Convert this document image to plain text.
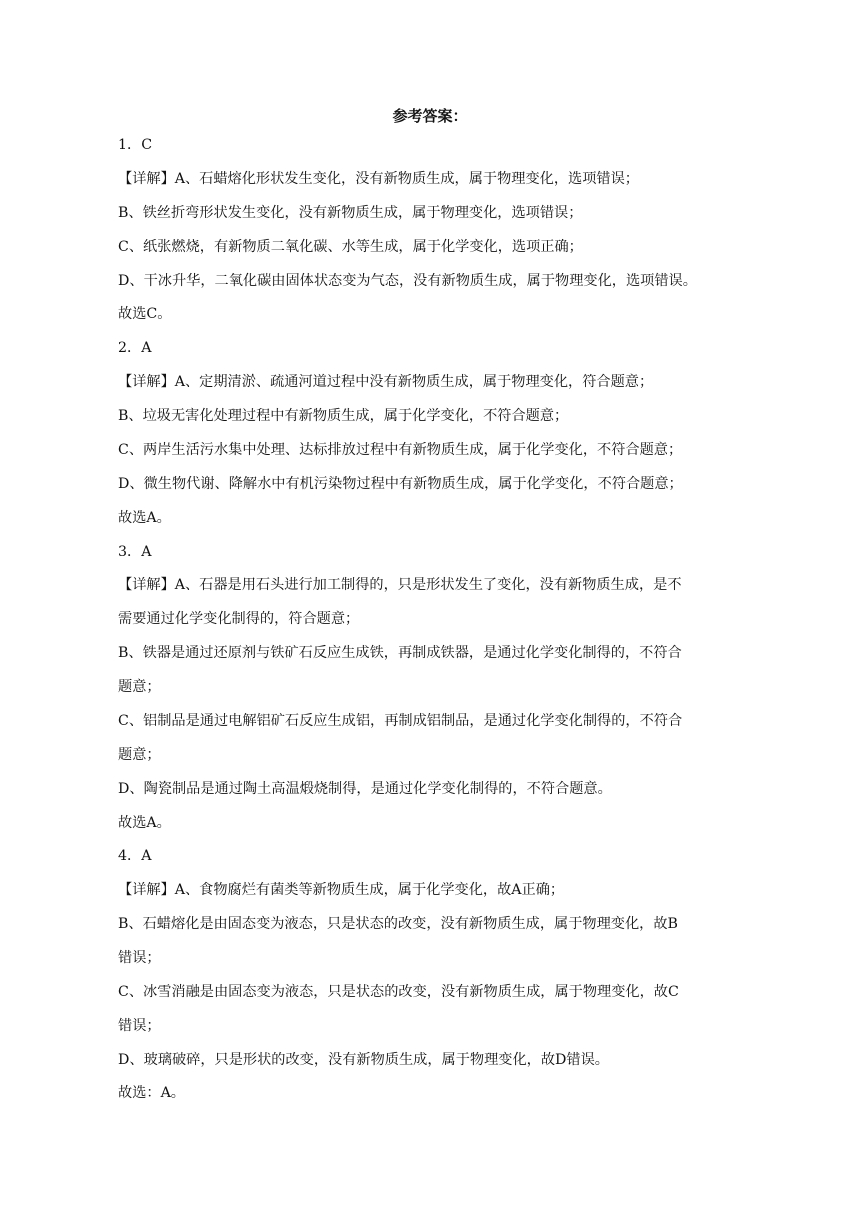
参考答案：
1．C
【详解】A、石蜡熔化形状发生变化，没有新物质生成，属于物理变化，选项错误；
B、铁丝折弯形状发生变化，没有新物质生成，属于物理变化，选项错误；
C、纸张燃烧，有新物质二氧化碳、水等生成，属于化学变化，选项正确；
D、干冰升华，二氧化碳由固体状态变为气态，没有新物质生成，属于物理变化，选项错误。
故选C。
2．A
【详解】A、定期清淤、疏通河道过程中没有新物质生成，属于物理变化，符合题意；
B、垃圾无害化处理过程中有新物质生成，属于化学变化，不符合题意；
C、两岸生活污水集中处理、达标排放过程中有新物质生成，属于化学变化，不符合题意；
D、微生物代谢、降解水中有机污染物过程中有新物质生成，属于化学变化，不符合题意；
故选A。
3．A
【详解】A、石器是用石头进行加工制得的，只是形状发生了变化，没有新物质生成，是不
需要通过化学变化制得的，符合题意；
B、铁器是通过还原剂与铁矿石反应生成铁，再制成铁器，是通过化学变化制得的，不符合
题意；
C、铝制品是通过电解铝矿石反应生成铝，再制成铝制品，是通过化学变化制得的，不符合
题意；
D、陶瓷制品是通过陶土高温煅烧制得，是通过化学变化制得的，不符合题意。
故选A。
4．A
【详解】A、食物腐烂有菌类等新物质生成，属于化学变化，故A正确；
B、石蜡熔化是由固态变为液态，只是状态的改变，没有新物质生成，属于物理变化，故B
错误；
C、冰雪消融是由固态变为液态，只是状态的改变，没有新物质生成，属于物理变化，故C
错误；
D、玻璃破碎，只是形状的改变，没有新物质生成，属于物理变化，故D错误。
故选：A。
